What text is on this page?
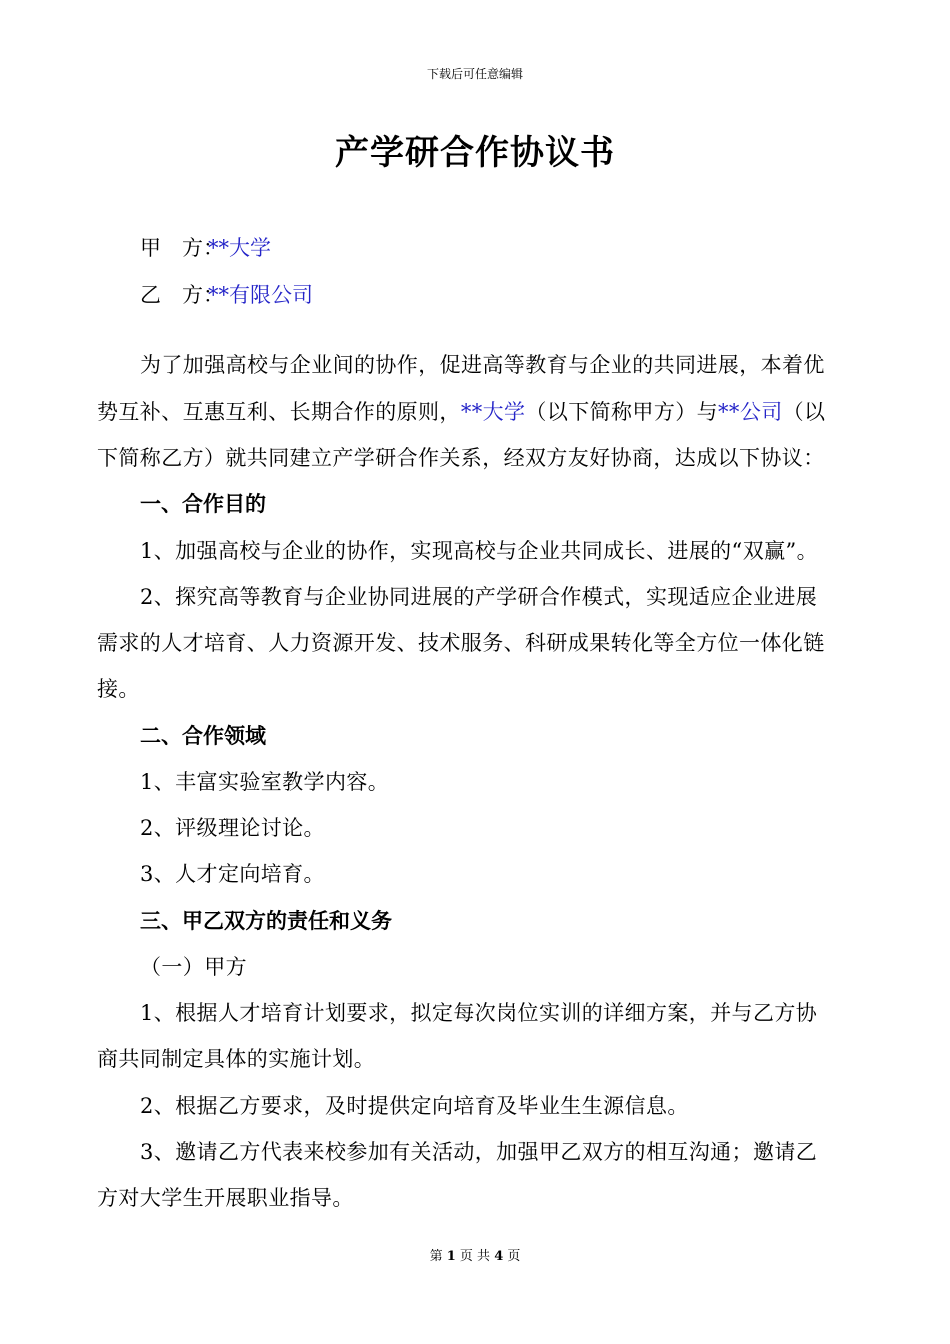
下载后可任意编辑
产学研合作协议书
甲　方：**大学
乙　方：**有限公司
为了加强高校与企业间的协作，促进高等教育与企业的共同进展，本着优
势互补、互惠互利、长期合作的原则，**大学（以下简称甲方）与**公司（以
下简称乙方）就共同建立产学研合作关系，经双方友好协商，达成以下协议：
一、合作目的
1、加强高校与企业的协作，实现高校与企业共同成长、进展的“双赢”。
2、探究高等教育与企业协同进展的产学研合作模式，实现适应企业进展
需求的人才培育、人力资源开发、技术服务、科研成果转化等全方位一体化链
接。
二、合作领域
1、丰富实验室教学内容。
2、评级理论讨论。
3、人才定向培育。
三、甲乙双方的责任和义务
（一）甲方
1、根据人才培育计划要求，拟定每次岗位实训的详细方案，并与乙方协
商共同制定具体的实施计划。
2、根据乙方要求，及时提供定向培育及毕业生生源信息。
3、邀请乙方代表来校参加有关活动，加强甲乙双方的相互沟通；邀请乙
方对大学生开展职业指导。
第 1 页 共 4 页
